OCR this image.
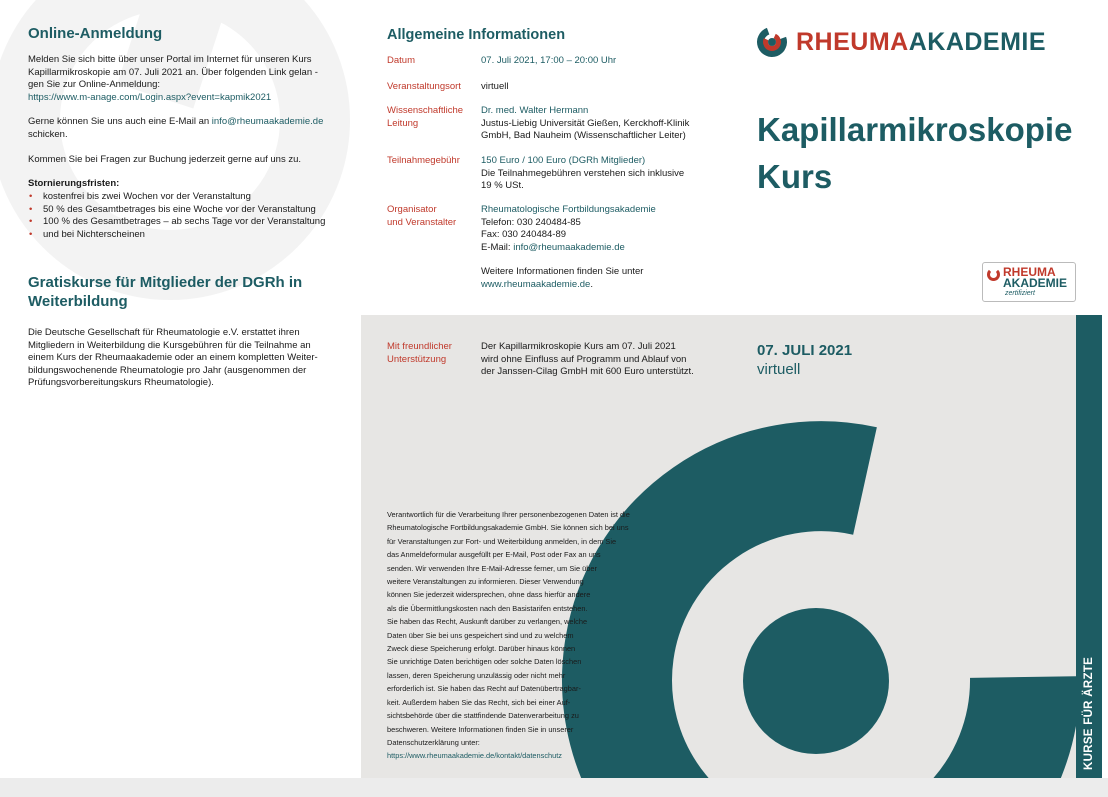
Online-Anmeldung

Melden Sie sich bitte über unser Portal im Internet für unseren Kurs
Kapillarmikroskopie am 07. Juli 2021 an. Über folgenden Link gelan -
gen Sie zur Online-Anmeldung:
https://www.m-anage.com/Login.aspx?event=kapmik2021

Gerne können Sie uns auch eine E-Mail an info@rheumaakademie.de
schicken.

Kommen Sie bei Fragen zur Buchung jederzeit gerne auf uns zu.

Stornierungsfristen:

• kostenfrei bis zwei Wochen vor der Veranstaltung
• 50 % des Gesamtbetrages bis eine Woche vor der Veranstaltung
• 100 % des Gesamtbetrages – ab sechs Tage vor der Veranstaltung
• und bei Nichterscheinen
Gratiskurse für Mitglieder der DGRh in
Weiterbildung

Die Deutsche Gesellschaft für Rheumatologie e.V. erstattet ihren
Mitgliedern in Weiterbildung die Kursgebühren für die Teilnahme an
einem Kurs der Rheumaakademie oder an einem kompletten Weiter-
bildungswochenende Rheumatologie pro Jahr (ausgenommen der
Prüfungsvorbereitungskurs Rheumatologie).

Allgemeine Informationen
Datum	07. Juli 2021, 17:00 – 20:00 Uhr
Veranstaltungsort virtuell
Wissenschaftliche
Leitung
Dr. med. Walter Hermann
Justus-Liebig Universität Gießen, Kerckhoff-Klinik
GmbH, Bad Nauheim (Wissenschaftlicher Leiter)
Teilnahmegebühr 150 Euro / 100 Euro (DGRh Mitglieder)
Die Teilnahmegebühren verstehen sich inklusive
19 % USt.
Organisator
und Veranstalter
Rheumatologische Fortbildungsakademie
Telefon: 030 240484-85
Fax: 030 240484-89
E-Mail: info@rheumaakademie.de
Weitere Informationen finden Sie unter
www.rheumaakademie.de.
RHEUMAAKADEMIE
Kapillarmikroskopie
Kurs
RHEUMA
AKADEMIE
zertifiziert
KURSE FÜR ÄRZTE
Mit freundlicher
Unterstützung
Der Kapillarmikroskopie Kurs am 07. Juli 2021
wird ohne Einfluss auf Programm und Ablauf von
der Janssen-Cilag GmbH mit 600 Euro unterstützt.
07. JULI 2021
virtuell
Verantwortlich für die Verarbeitung Ihrer personenbezogenen Daten ist die
Rheumatologische Fortbildungsakademie GmbH. Sie können sich bei uns
für Veranstaltungen zur Fort- und Weiterbildung anmelden, in dem Sie
das Anmeldeformular ausgefüllt per E-Mail, Post oder Fax an uns
senden. Wir verwenden Ihre E-Mail-Adresse ferner, um Sie über
weitere Veranstaltungen zu informieren. Dieser Verwendung
können Sie jederzeit widersprechen, ohne dass hierfür andere
als die Übermittlungskosten nach den Basistarifen entstehen.
Sie haben das Recht, Auskunft darüber zu verlangen, welche
Daten über Sie bei uns gespeichert sind und zu welchem
Zweck diese Speicherung erfolgt. Darüber hinaus können
Sie unrichtige Daten berichtigen oder solche Daten löschen
lassen, deren Speicherung unzulässig oder nicht mehr
erforderlich ist. Sie haben das Recht auf Datenübertragbar-
keit. Außerdem haben Sie das Recht, sich bei einer Auf-
sichtsbehörde über die stattfindende Datenverarbeitung zu
beschweren. Weitere Informationen finden Sie in unserer
Datenschutzerklärung unter:
https://www.rheumaakademie.de/kontakt/datenschutz
